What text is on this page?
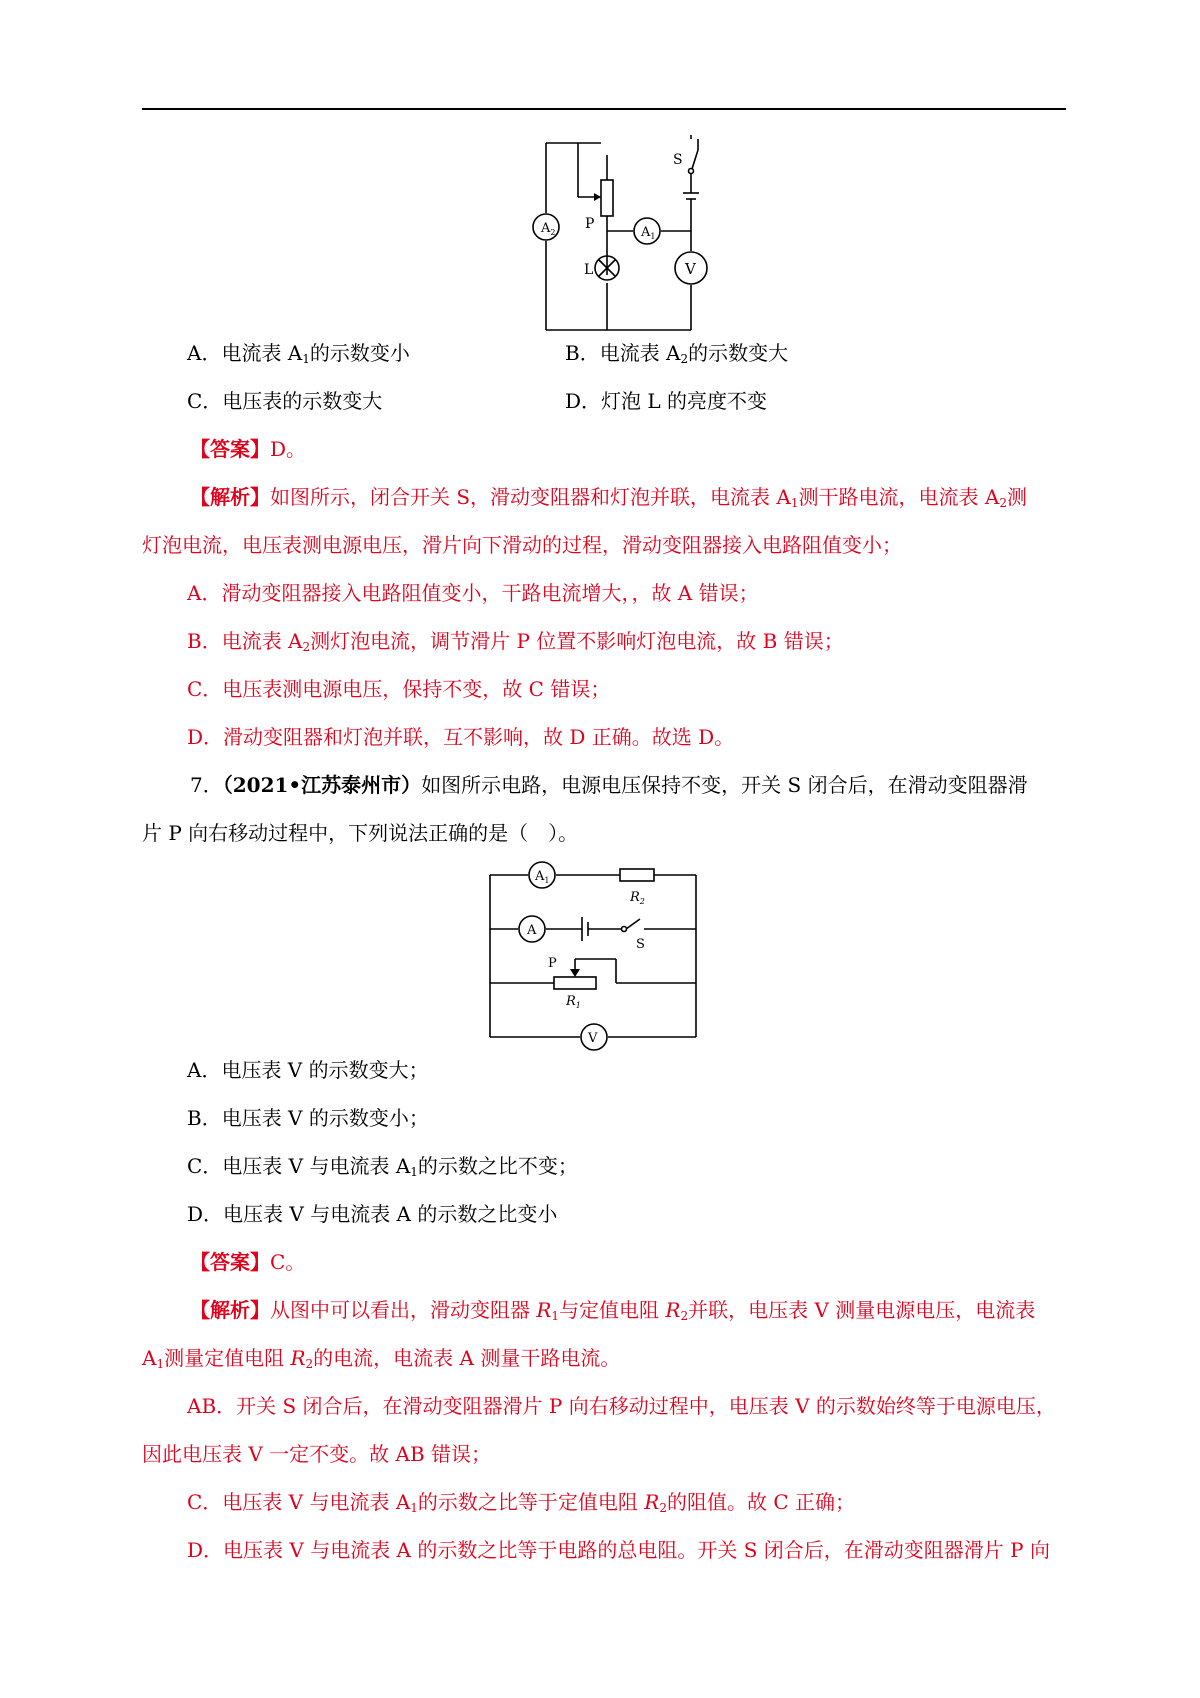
$A_2$	$A_1$
V
S
P
L
A．电流表 $A_1$的示数变小	B．电流表 $A_2$的示数变大
C．电压表的示数变大	D．灯泡 L 的亮度不变
【答案】D。
【解析】如图所示，闭合开关 S，滑动变阻器和灯泡并联，电流表 $A_1$测干路电流，电流表 $A_2$测
灯泡电流，电压表测电源电压，滑片向下滑动的过程，滑动变阻器接入电路阻值变小；
A．滑动变阻器接入电路阻值变小，干路电流增大，，故 A 错误；
B．电流表 $A_2$测灯泡电流，调节滑片 P 位置不影响灯泡电流，故 B 错误；
C．电压表测电源电压，保持不变，故 C 错误；
D．滑动变阻器和灯泡并联，互不影响，故 D 正确。故选 D。
7．（2021•江苏泰州市）如图所示电路，电源电压保持不变，开关 S 闭合后，在滑动变阻器滑
片 P 向右移动过程中，下列说法正确的是（　）。
$A_1$
A
V
$R_2$
S
P
$R_1$
A．电压表 V 的示数变大；
B．电压表 V 的示数变小；
C．电压表 V 与电流表 $A_1$的示数之比不变；
D．电压表 V 与电流表 A 的示数之比变小
【答案】C。
【解析】从图中可以看出，滑动变阻器 $R_1$与定值电阻 $R_2$并联，电压表 V 测量电源电压，电流表
$A_1$测量定值电阻 $R_2$的电流，电流表 A 测量干路电流。
AB．开关 S 闭合后，在滑动变阻器滑片 P 向右移动过程中，电压表 V 的示数始终等于电源电压，
因此电压表 V 一定不变。故 AB 错误；
C．电压表 V 与电流表 $A_1$的示数之比等于定值电阻 $R_2$的阻值。故 C 正确；
D．电压表 V 与电流表 A 的示数之比等于电路的总电阻。开关 S 闭合后，在滑动变阻器滑片 P 向
